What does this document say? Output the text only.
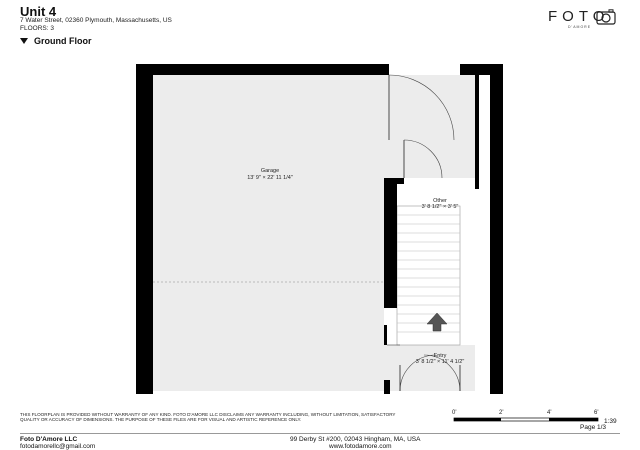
Unit 4
7 Water Street, 02360 Plymouth, Massachusetts, US
FLOORS: 3
FOTO
D'AMORE
Ground Floor
Garage
13' 9" × 22' 11 1/4"
Other
3' 8 1/2" × 3' 5"
Entry
3' 8 1/2" × 11' 4 1/2"
THIS FLOORPLAN IS PROVIDED WITHOUT WARRANTY OF ANY KIND. FOTO D'AMORE LLC DISCLAIMS ANY WARRANTY INCLUDING, WITHOUT LIMITATION, SATISFACTORY QUALITY OR ACCURACY OF DIMENSIONS. THE PURPOSE OF THESE FILES ARE FOR VISUAL AND ARTISTIC REFERENCE ONLY.
0'	2'	4'	6'
1:39
Page 1/3
Foto D'Amore LLC
fotodamorellc@gmail.com
99 Derby St #200, 02043 Hingham, MA, USA
www.fotodamore.com
